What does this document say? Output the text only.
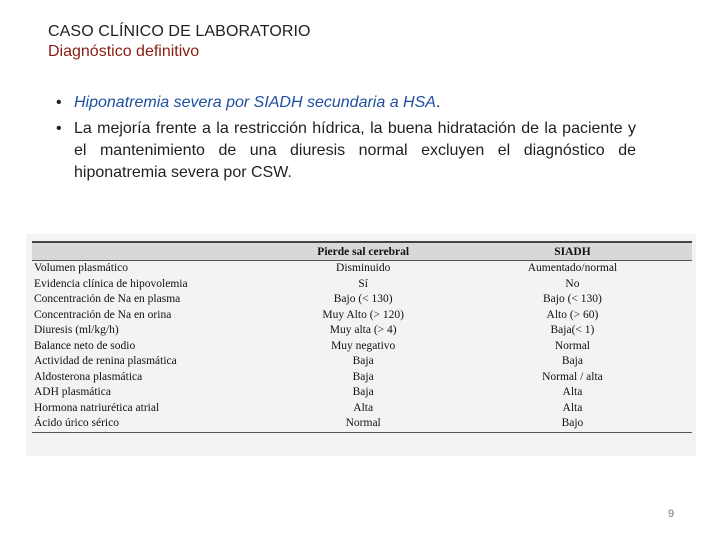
CASO CLÍNICO DE LABORATORIO
Diagnóstico definitivo
• Hiponatremia severa por SIADH secundaria a HSA.
• La mejoría frente a la restricción hídrica, la buena hidratación de la paciente y el mantenimiento de una diuresis normal excluyen el diagnóstico de hiponatremia severa por CSW.
	Pierde sal cerebral	SIADH
Volumen plasmático	Disminuido	Aumentado/normal
Evidencia clínica de hipovolemia	Sí	No
Concentración de Na en plasma	Bajo (< 130)	Bajo (< 130)
Concentración de Na en orina	Muy Alto (> 120)	Alto (> 60)
Diuresis (ml/kg/h)	Muy alta (> 4)	Baja(< 1)
Balance neto de sodio	Muy negativo	Normal
Actividad de renina plasmática	Baja	Baja
Aldosterona plasmática	Baja	Normal / alta
ADH plasmática	Baja	Alta
Hormona natriurética atrial	Alta	Alta
Ácido úrico sérico	Normal	Bajo
9
